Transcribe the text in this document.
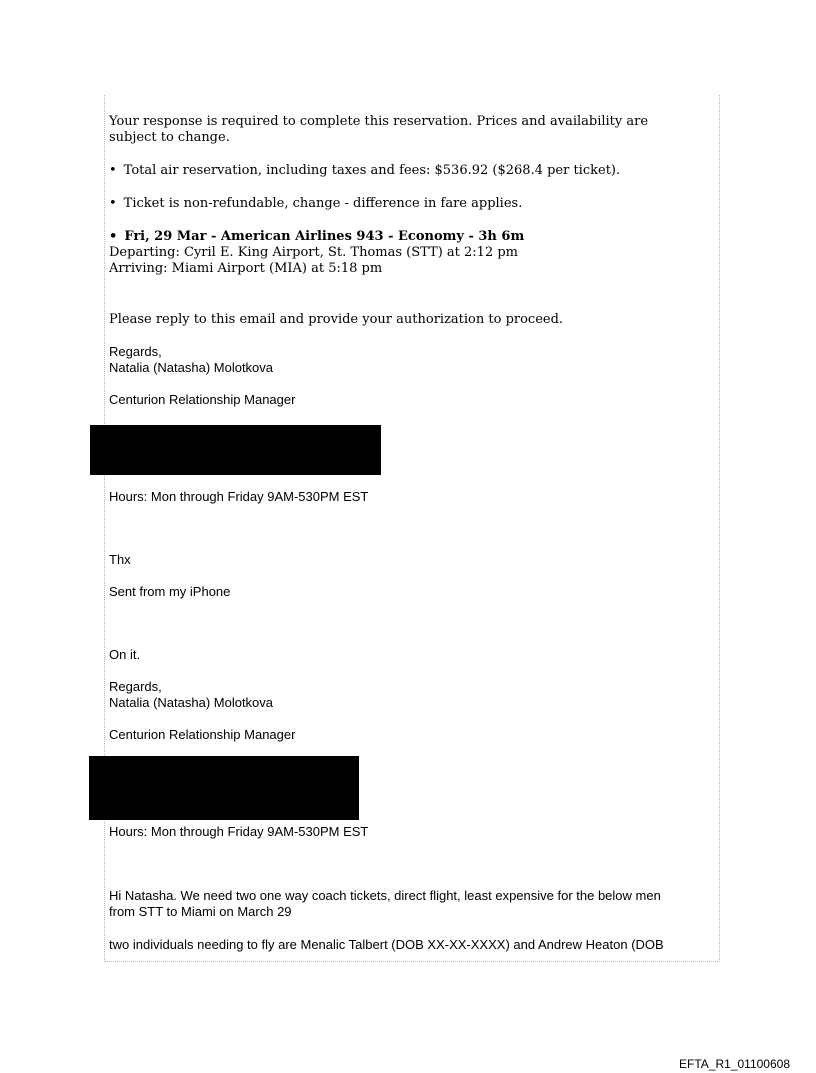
Your response is required to complete this reservation. Prices and availability are

subject to change.

• Total air reservation, including taxes and fees: $536.92 ($268.4 per ticket).

• Ticket is non-refundable, change - difference in fare applies.

• Fri, 29 Mar - American Airlines 943 - Economy - 3h 6m

Departing: Cyril E. King Airport, St. Thomas (STT) at 2:12 pm

Arriving: Miami Airport (MIA) at 5:18 pm

Please reply to this email and provide your authorization to proceed.

Regards,

Natalia (Natasha) Molotkova

Centurion Relationship Manager

Hours: Mon through Friday 9AM-530PM EST

Thx

Sent from my iPhone

On it.

Regards,

Natalia (Natasha) Molotkova

Centurion Relationship Manager

Hours: Mon through Friday 9AM-530PM EST

Hi Natasha. We need two one way coach tickets, direct flight, least expensive for the below men

from STT to Miami on March 29

two individuals needing to fly are Menalic Talbert (DOB XX-XX-XXXX) and Andrew Heaton (DOB

EFTA_R1_01100608
